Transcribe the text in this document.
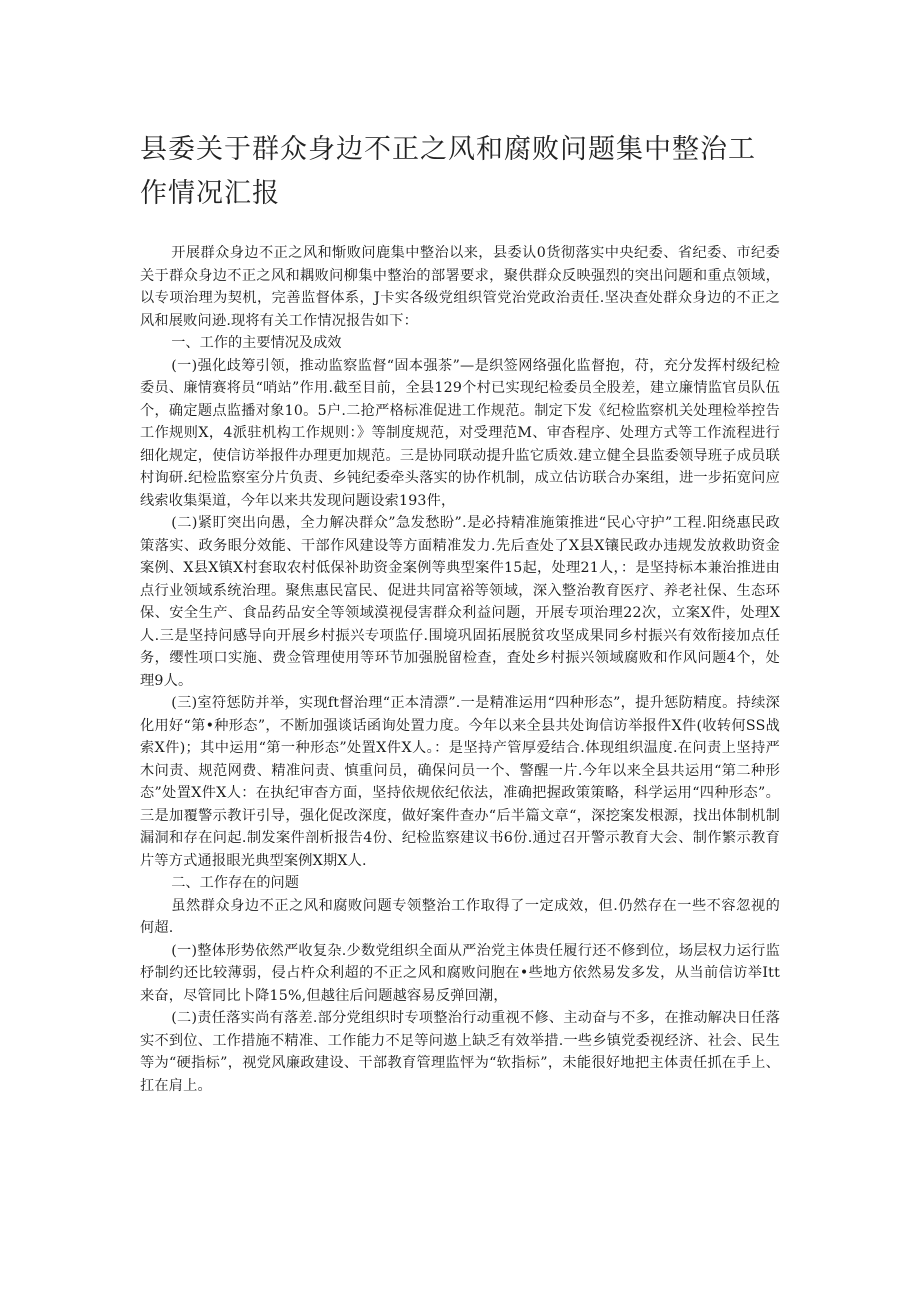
县委关于群众身边不正之风和腐败问题集中整治工作情况汇报

开展群众身边不正之风和惭败问鹿集中整治以来，县委认0货彻落实中央纪委、省纪委、市纪委关于群众身边不正之风和耦败问柳集中整治的部署要求，聚供群众反映强烈的突出问题和重点领域，以专项治理为契机，完善监督体系，J卡实各级党组织管党治党政治责任.坚决查处群众身边的不正之风和展败问逊.现将有关工作情况报告如下：

一、工作的主要情况及成效

(一)强化歧筹引领，推动监察监督“固本强茶”—是织签网络强化监督抱，苻，充分发挥村级纪检委员、廉情赛将员“哨站”作用.截至目前，全县129个村已实现纪检委员全股差，建立廉情监官员队伍个，确定题点监播对象10。5户.二抢严格标准促进工作规范。制定下发《纪检监察机关处理检举控告工作规则X，4派驻机构工作规则：》等制度规范，对受理范M、审杳程序、处理方式等工作流程进行细化规定，使信访举报件办理更加规范。三是协同联动提升监它质效.建立健全县监委领导班子成员联村询研.纪检监察室分片负责、乡钝纪委牵头落实的协作机制，成立估访联合办案组，进一步拓宽问应线索收集渠道，今年以来共发现问题设索193件，

(二)紧盯突出向愚，全力解决群众”急发愁盼”.是必持精准施策推进“民心守护”工程.阳绕惠民政策落实、政务眼分效能、干部作风建设等方面精准发力.先后查处了X县X镶民政办违规发放救助资金案例、X县X镇X村套取农村低保补助资金案例等典型案件15起，处理21人，：是坚持标本兼治推进由点行业领域系统治理。聚焦惠民富民、促进共同富裕等领域，深入整治教育医疗、养老社保、生态环保、安全生产、食品药品安全等领域漠视侵害群众利益问题，开展专项治理22次，立案X件，处理X人.三是坚持问感导向开展乡村振兴专项监仔.围境巩固拓展脱贫攻坚成果同乡村振兴有效衔接加点任务，缨性项口实施、费佥管理使用等环节加强脱留检查，査处乡村振兴领域腐败和作风问题4个，处理9人。

(三)室符惩防并举，实现ft督治理“正本清漂”.一是精准运用“四种形态”，提升惩防精度。持续深化用好“第•种形态”，不断加强谈话函询处置力度。今年以来全县共处询信访举报件X件(收转何SS战索X件)；其中运用“第一种形态”处置X件X人。：是坚持产管厚爱结合.体现组织温度.在问责上坚持严木问责、规范网费、精准问责、慎重问员，确保问员一个、警醒一片.今年以来全县共运用“第二种形态”处置X件X人：在执纪审杳方面，坚持依规依纪依法，准确把握政策策略，科学运用“四种形态”。三是加覆警示教讦引导，强化促改深度，做好案件查办“后半篇文章“，深挖案发根源，找出体制机制漏洞和存在问起.制发案件剖析报告4份、纪检监察建议书6份.通过召开警示教育大会、制作繁示教育片等方式通报眼光典型案例X期X人.

二、工作存在的问题

虽然群众身边不正之风和腐败问题专领整治工作取得了一定成效，但.仍然存在一些不容忽视的何超.

(一)整体形势依然严收复杂.少数党组织全面从严治党主体贵任履行还不修到位，场层权力运行监杼制约还比较薄弱，侵占杵众利超的不正之风和腐败问胞在•些地方依然易发多发，从当前信访举Itt来奋，尽管同比卜降15%,但越往后问题越容易反弹回潮，

(二)责任落实尚有落差.部分党组织时专项整治行动重视不修、主动奋与不多，在推动解决日任落实不到位、工作措施不精准、工作能力不足等问遨上缺乏有效举措.一些乡镇党委视经济、社会、民生等为“硬指标”，视党风廉政建设、干部教育管理监怦为“软指标”，未能很好地把主体责任抓在手上、扛在肩上。
